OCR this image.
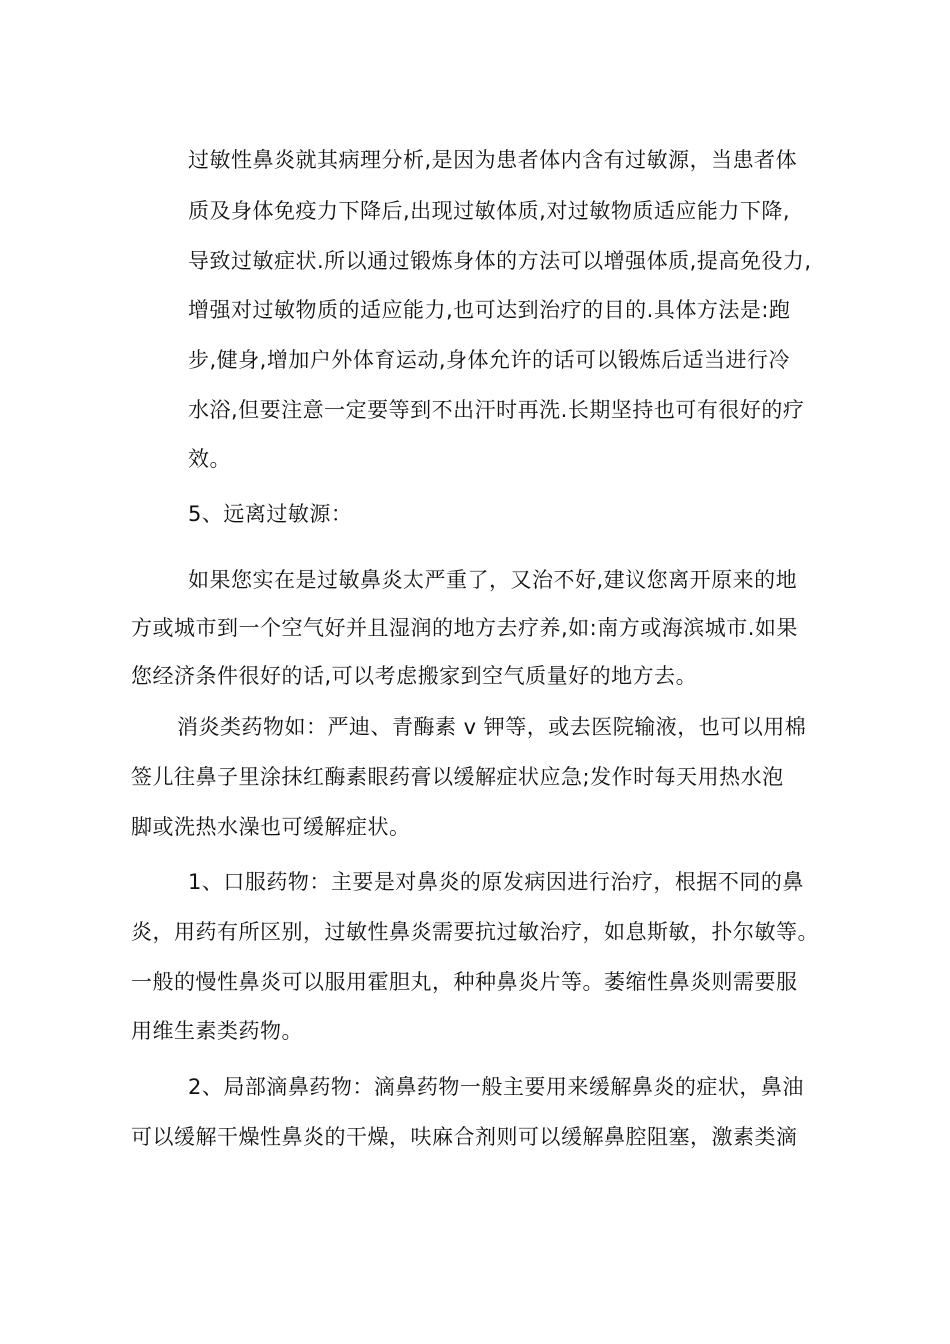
过敏性鼻炎就其病理分析,是因为患者体内含有过敏源，当患者体
质及身体免疫力下降后,出现过敏体质,对过敏物质适应能力下降,
导致过敏症状.所以通过锻炼身体的方法可以增强体质,提高免役力,
增强对过敏物质的适应能力,也可达到治疗的目的.具体方法是:跑
步,健身,增加户外体育运动,身体允许的话可以锻炼后适当进行冷
水浴,但要注意一定要等到不出汗时再洗.长期坚持也可有很好的疗
效。
5、远离过敏源：
如果您实在是过敏鼻炎太严重了，又治不好,建议您离开原来的地
方或城市到一个空气好并且湿润的地方去疗养,如:南方或海滨城市.如果
您经济条件很好的话,可以考虑搬家到空气质量好的地方去。
消炎类药物如：严迪、青酶素 v 钾等，或去医院输液，也可以用棉
签儿往鼻子里涂抹红酶素眼药膏以缓解症状应急;发作时每天用热水泡
脚或洗热水澡也可缓解症状。
1、口服药物：主要是对鼻炎的原发病因进行治疗，根据不同的鼻
炎，用药有所区别，过敏性鼻炎需要抗过敏治疗，如息斯敏，扑尔敏等。
一般的慢性鼻炎可以服用霍胆丸，种种鼻炎片等。萎缩性鼻炎则需要服
用维生素类药物。
2、局部滴鼻药物：滴鼻药物一般主要用来缓解鼻炎的症状，鼻油
可以缓解干燥性鼻炎的干燥，呋麻合剂则可以缓解鼻腔阻塞，激素类滴
